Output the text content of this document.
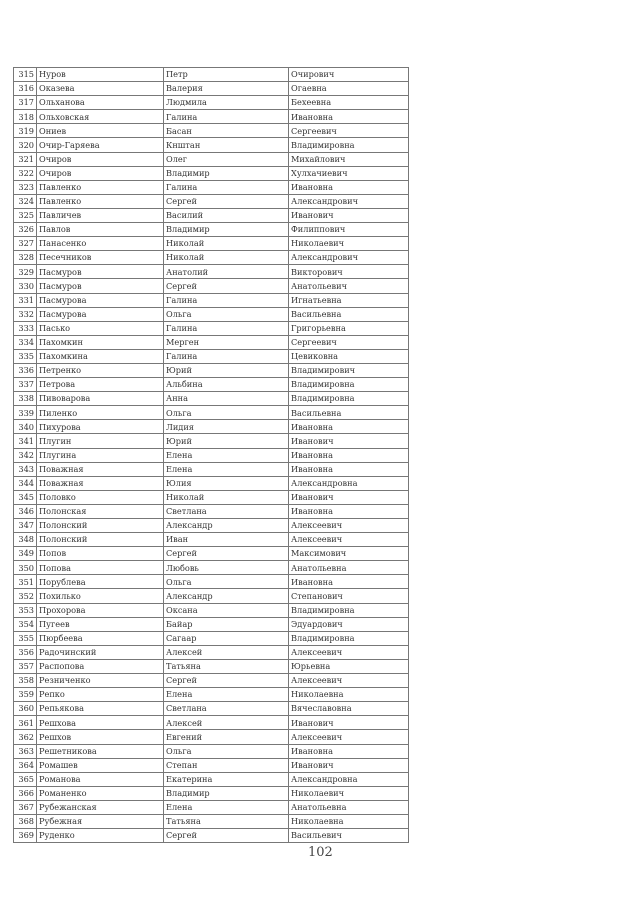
315	Нуров	Петр	Очирович
316	Оказева	Валерия	Огаевна
317	Ольханова	Людмила	Бехеевна
318	Ольховская	Галина	Ивановна
319	Ониев	Басан	Сергеевич
320	Очир-Гаряева	Кнштан	Владимировна
321	Очиров	Олег	Михайлович
322	Очиров	Владимир	Хулхачиевич
323	Павленко	Галина	Ивановна
324	Павленко	Сергей	Александрович
325	Павличев	Василий	Иванович
326	Павлов	Владимир	Филиппович
327	Панасенко	Николай	Николаевич
328	Песечников	Николай	Александрович
329	Пасмуров	Анатолий	Викторович
330	Пасмуров	Сергей	Анатольевич
331	Пасмурова	Галина	Игнатьевна
332	Пасмурова	Ольга	Васильевна
333	Пасько	Галина	Григорьевна
334	Пахомкин	Мерген	Сергеевич
335	Пахомкина	Галина	Цевиковна
336	Петренко	Юрий	Владимирович
337	Петрова	Альбина	Владимировна
338	Пивоварова	Анна	Владимировна
339	Пиленко	Ольга	Васильевна
340	Пихурова	Лидия	Ивановна
341	Плугин	Юрий	Иванович
342	Плугина	Елена	Ивановна
343	Поважная	Елена	Ивановна
344	Поважная	Юлия	Александровна
345	Половко	Николай	Иванович
346	Полонская	Светлана	Ивановна
347	Полонский	Александр	Алексеевич
348	Полонский	Иван	Алексеевич
349	Попов	Сергей	Максимович
350	Попова	Любовь	Анатольевна
351	Порублева	Ольга	Ивановна
352	Похилько	Александр	Степанович
353	Прохорова	Оксана	Владимировна
354	Пугеев	Байар	Эдуардович
355	Пюрбеева	Сагаар	Владимировна
356	Радочинский	Алексей	Алексеевич
357	Распопова	Татьяна	Юрьевна
358	Резниченко	Сергей	Алексеевич
359	Репко	Елена	Николаевна
360	Репьякова	Светлана	Вячеславовна
361	Решхова	Алексей	Иванович
362	Решхов	Евгений	Алексеевич
363	Решетникова	Ольга	Ивановна
364	Ромашев	Степан	Иванович
365	Романова	Екатерина	Александровна
366	Романенко	Владимир	Николаевич
367	Рубежанская	Елена	Анатольевна
368	Рубежная	Татьяна	Николаевна
369	Руденко	Сергей	Васильевич
102
